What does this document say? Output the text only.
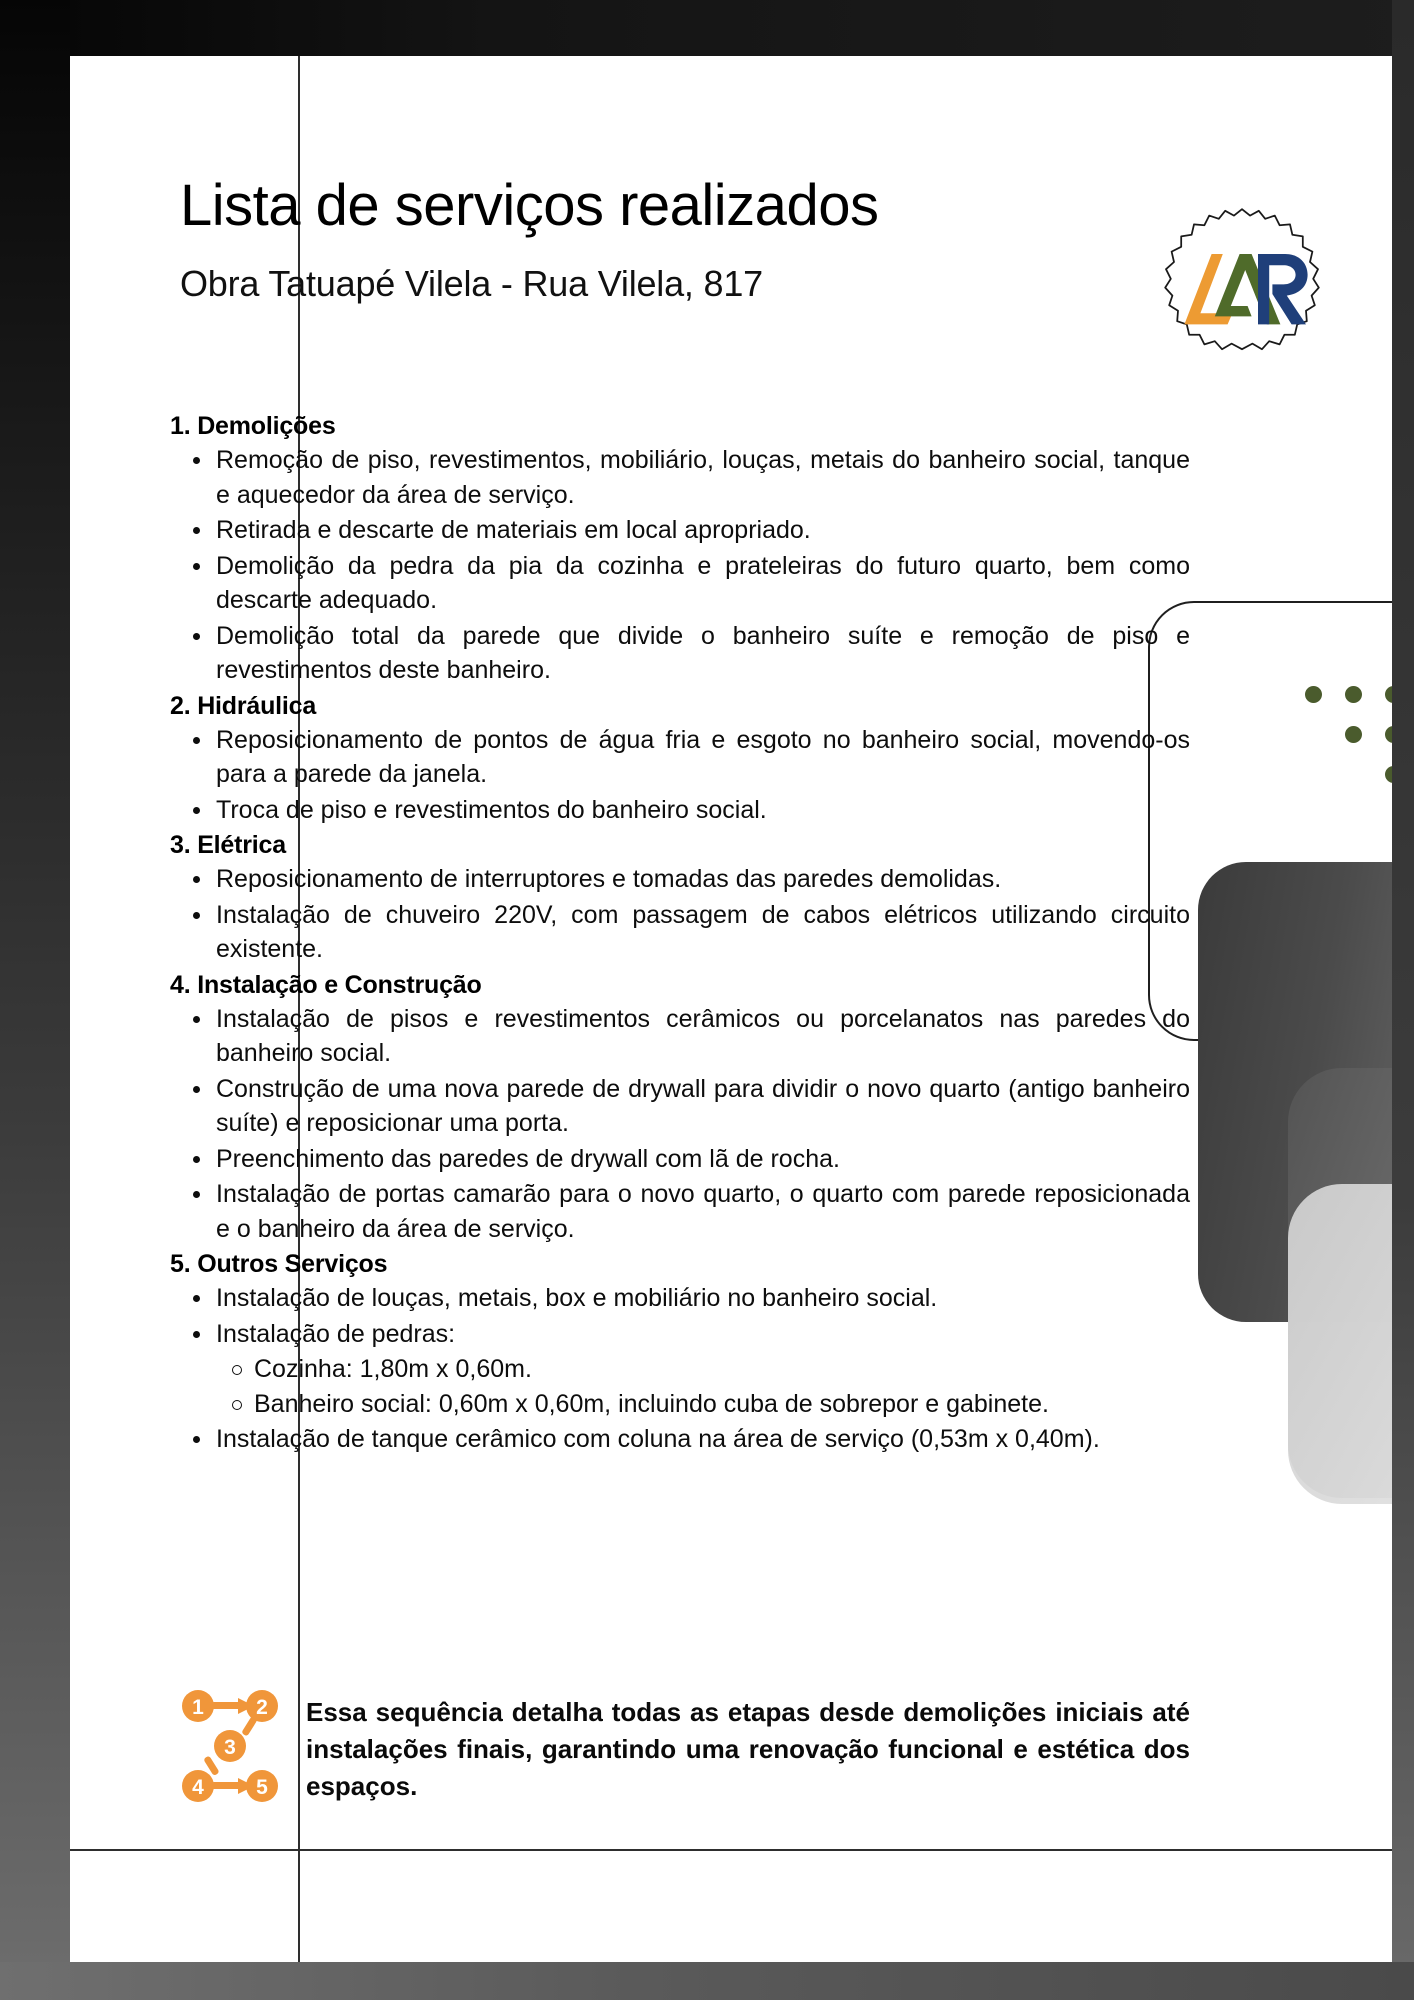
Lista de serviços realizados
Obra Tatuapé Vilela - Rua Vilela, 817
1. Demolições
Remoção de piso, revestimentos, mobiliário, louças, metais do banheiro social, tanque e aquecedor da área de serviço.
Retirada e descarte de materiais em local apropriado.
Demolição da pedra da pia da cozinha e prateleiras do futuro quarto, bem como descarte adequado.
Demolição total da parede que divide o banheiro suíte e remoção de piso e revestimentos deste banheiro.
2. Hidráulica
Reposicionamento de pontos de água fria e esgoto no banheiro social, movendo-os para a parede da janela.
Troca de piso e revestimentos do banheiro social.
3. Elétrica
Reposicionamento de interruptores e tomadas das paredes demolidas.
Instalação de chuveiro 220V, com passagem de cabos elétricos utilizando circuito existente.
4. Instalação e Construção
Instalação de pisos e revestimentos cerâmicos ou porcelanatos nas paredes do banheiro social.
Construção de uma nova parede de drywall para dividir o novo quarto (antigo banheiro suíte) e reposicionar uma porta.
Preenchimento das paredes de drywall com lã de rocha.
Instalação de portas camarão para o novo quarto, o quarto com parede reposicionada e o banheiro da área de serviço.
5. Outros Serviços
Instalação de louças, metais, box e mobiliário no banheiro social.
Instalação de pedras:
Cozinha: 1,80m x 0,60m.
Banheiro social: 0,60m x 0,60m, incluindo cuba de sobrepor e gabinete.
Instalação de tanque cerâmico com coluna na área de serviço (0,53m x 0,40m).
1 2
3
4 5
Essa sequência detalha todas as etapas desde demolições iniciais até instalações finais, garantindo uma renovação funcional e estética dos espaços.
